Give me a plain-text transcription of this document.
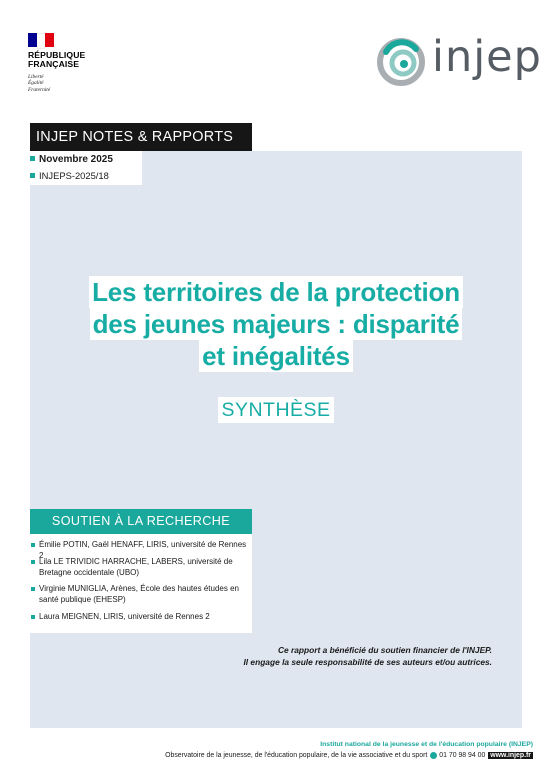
RÉPUBLIQUE
FRANÇAISE
Liberté
Égalité
Fraternité
injep
INJEP NOTES & RAPPORTS
Novembre 2025
INJEPS-2025/18
Les territoires de la protection
des jeunes majeurs : disparité
et inégalités
SYNTHÈSE
SOUTIEN À LA RECHERCHE
Émilie POTIN, Gaël HENAFF, LIRIS, université de Rennes 2
Lila LE TRIVIDIC HARRACHE, LABERS, université de
Bretagne occidentale (UBO)
Virginie MUNIGLIA, Arènes, École des hautes études en
santé publique (EHESP)
Laura MEIGNEN, LIRIS, université de Rennes 2
Ce rapport a bénéficié du soutien financier de l'INJEP.
Il engage la seule responsabilité de ses auteurs et/ou autrices.
Institut national de la jeunesse et de l'éducation populaire (INJEP)
Observatoire de la jeunesse, de l'éducation populaire, de la vie associative et du sport 01 70 98 94 00 www.injep.fr
